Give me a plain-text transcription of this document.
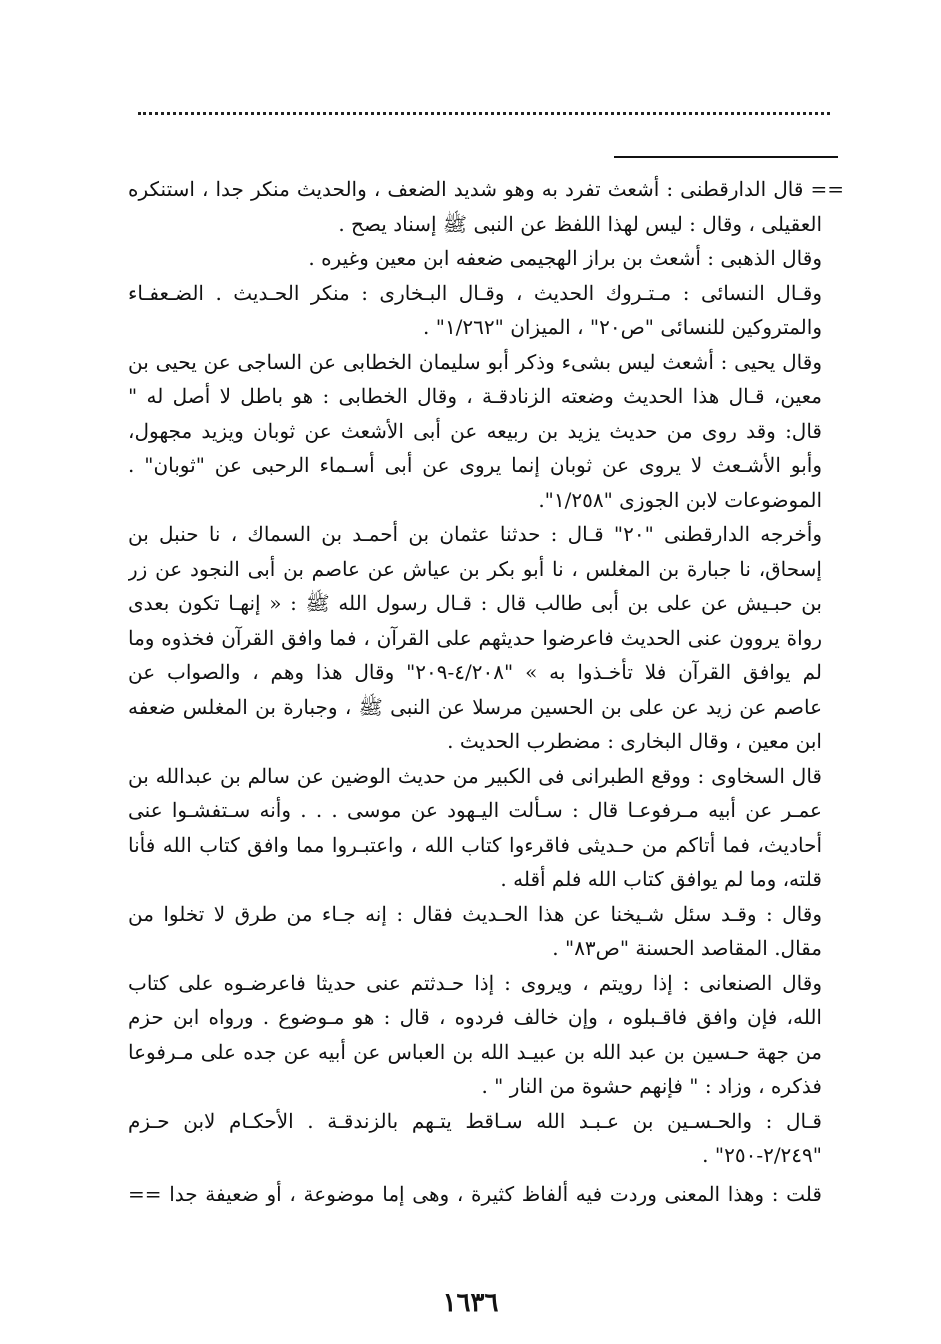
== قال الدارقطنى : أشعث تفرد به وهو شديد الضعف ، والحديث منكر جدا ، استنكره
العقيلى ، وقال : ليس لهذا اللفظ عن النبى ﷺ إسناد يصح .
وقال الذهبى : أشعث بن براز الهجيمى ضعفه ابن معين وغيره .
وقـال النسائى : مـتـروك الحديث ، وقـال البـخارى : منكر الحـديث . الضـعفـاء
والمتروكين للنسائى "ص٢٠" ، الميزان "١/٢٦٢" .
وقال يحيى : أشعث ليس بشىء وذكر أبو سليمان الخطابى عن الساجى عن يحيى بن
معين، قـال هذا الحديث وضعته الزنادقـة ، وقال الخطابى : هو باطل لا أصل له "
قال: وقد روى من حديث يزيد بن ربيعه عن أبى الأشعث عن ثوبان ويزيد مجهول،
وأبو الأشـعث لا يروى عن ثوبان إنما يروى عن أبى أسـماء الرحبى عن "ثوبان" .
الموضوعات لابن الجوزى "١/٢٥٨".
وأخرجه الدارقطنى "٢٠" قـال : حدثنا عثمان بن أحمـد بن السماك ، نا حنبل بن
إسحاق، نا جبارة بن المغلس ، نا أبو بكر بن عياش عن عاصم بن أبى النجود عن زر
بن حبـيش عن على بن أبى طالب قال : قـال رسول الله ﷺ : « إنهـا تكون بعدى
رواة يروون عنى الحديث فاعرضوا حديثهم على القرآن ، فما وافق القرآن فخذوه وما
لم يوافق القرآن فلا تأخـذوا به » "٤/٢٠٨-٢٠٩" وقال هذا وهم ، والصواب عن
عاصم عن زيد عن على بن الحسين مرسلا عن النبى ﷺ ، وجبارة بن المغلس ضعفه
ابن معين ، وقال البخارى : مضطرب الحديث .
قال السخاوى : ووقع الطبرانى فى الكبير من حديث الوضين عن سالم بن عبدالله بن
عمـر عن أبيه مـرفوعـا قال : سـألت اليـهود عن موسى . . . وأنه سـتفشـوا عنى
أحاديث، فما أتاكم من حـديثى فاقرءوا كتاب الله ، واعتبـروا مما وافق كتاب الله فأنا
قلته، وما لم يوافق كتاب الله فلم أقله .
وقال : وقـد سئل شـيخنا عن هذا الحـديث فقال : إنه جـاء من طرق لا تخلوا من
مقال. المقاصد الحسنة "ص٨٣" .
وقال الصنعانى : إذا رويتم ، ويروى : إذا حـدثتم عنى حديثا فاعرضـوه على كتاب
الله، فإن وافق فاقـبلوه ، وإن خالف فردوه ، قال : هو مـوضوع . ورواه ابن حزم
من جهة حـسين بن عبد الله بن عبيـد الله بن العباس عن أبيه عن جده على مـرفوعا
فذكره ، وزاد : " فإنهم حشوة من النار " .
قـال : والحـسـين بن عـبـد الله سـاقط يتـهم بالزندقـة . الأحكـام لابن حـزم
"٢/٢٤٩-٢٥٠" .
قلت : وهذا المعنى وردت فيه ألفاظ كثيرة ، وهى إما موضوعة ، أو ضعيفة جدا ==
١٦٣٦
